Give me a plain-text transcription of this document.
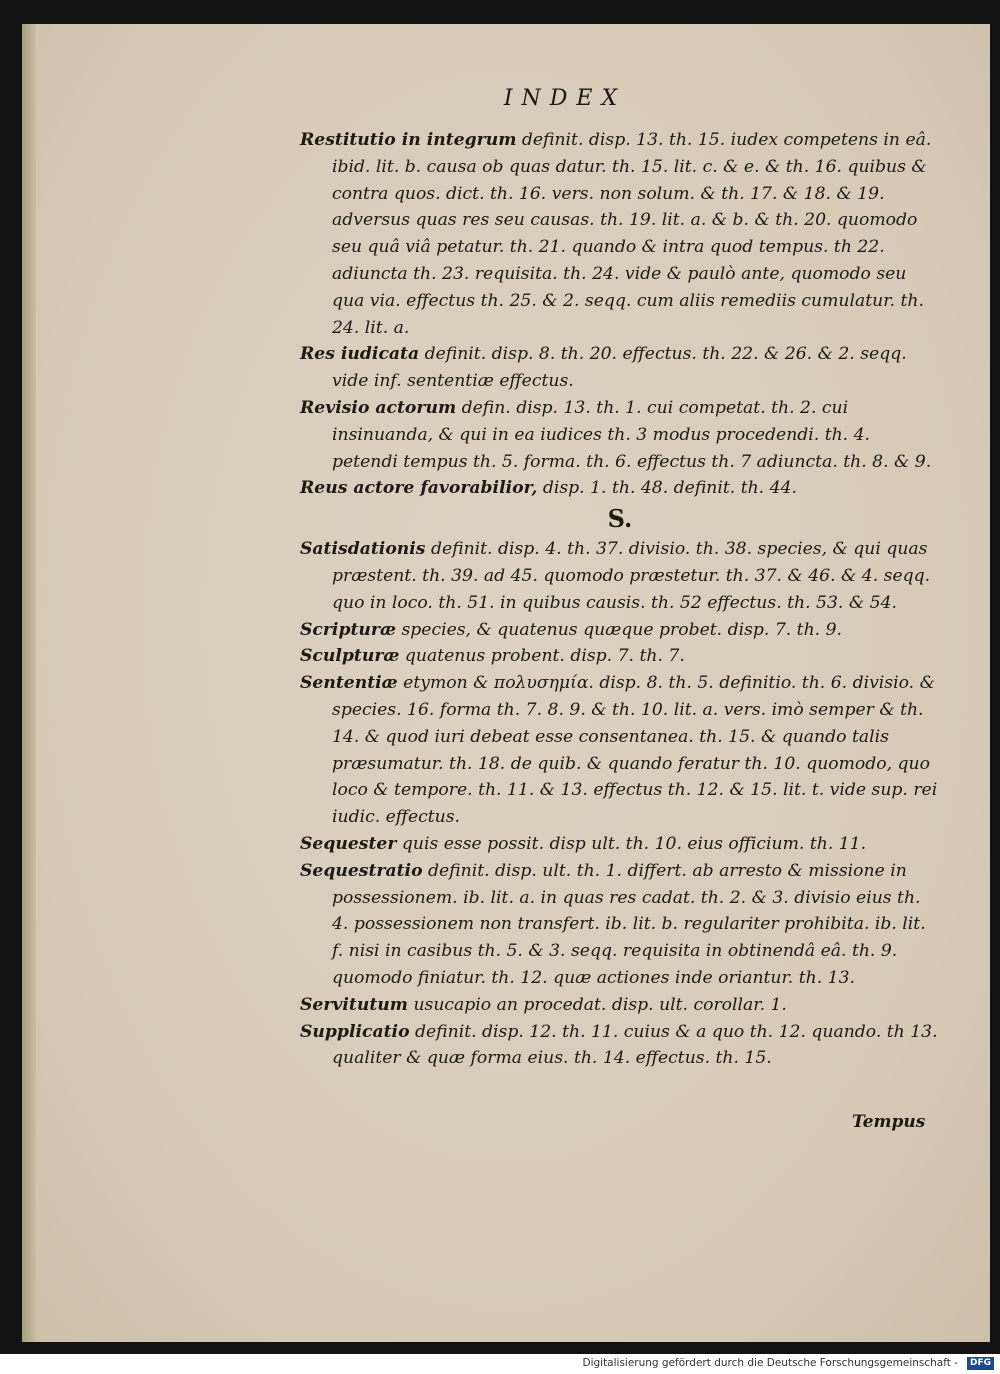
INDEX
Restitutio in integrum definit. disp. 13. th. 15. iudex competens in eâ. ibid. lit. b. causa ob quas datur. th. 15. lit. c. & e. & th. 16. quibus & contra quos. dict. th. 16. vers. non solum. & th. 17. & 18. & 19. adversus quas res seu causas. th. 19. lit. a. & b. & th. 20. quomodo seu quâ viâ petatur. th. 21. quando & intra quod tempus. th 22. adiuncta th. 23. requisita. th. 24. vide & paulò ante, quomodo seu qua via. effectus th. 25. & 2. seqq. cum aliis remediis cumulatur. th. 24. lit. a.
Res iudicata definit. disp. 8. th. 20. effectus. th. 22. & 26. & 2. seqq. vide inf. sententiæ effectus.
Revisio actorum defin. disp. 13. th. 1. cui competat. th. 2. cui insinuanda, & qui in ea iudices th. 3 modus procedendi. th. 4. petendi tempus th. 5. forma. th. 6. effectus th. 7 adiuncta. th. 8. & 9.
Reus actore favorabilior, disp. 1. th. 48. definit. th. 44.
S.
Satisdationis definit. disp. 4. th. 37. divisio. th. 38. species, & qui quas præstent. th. 39. ad 45. quomodo præstetur. th. 37. & 46. & 4. seqq. quo in loco. th. 51. in quibus causis. th. 52 effectus. th. 53. & 54.
Scripturæ species, & quatenus quæque probet. disp. 7. th. 9.
Sculpturæ quatenus probent. disp. 7. th. 7.
Sententiæ etymon & πολυσημία. disp. 8. th. 5. definitio. th. 6. divisio. & species. 16. forma th. 7. 8. 9. & th. 10. lit. a. vers. imò semper & th. 14. & quod iuri debeat esse consentanea. th. 15. & quando talis præsumatur. th. 18. de quib. & quando feratur th. 10. quomodo, quo loco & tempore. th. 11. & 13. effectus th. 12. & 15. lit. t. vide sup. rei iudic. effectus.
Sequester quis esse possit. disp ult. th. 10. eius officium. th. 11.
Sequestratio definit. disp. ult. th. 1. differt. ab arresto & missione in possessionem. ib. lit. a. in quas res cadat. th. 2. & 3. divisio eius th. 4. possessionem non transfert. ib. lit. b. regulariter prohibita. ib. lit. f. nisi in casibus th. 5. & 3. seqq. requisita in obtinendâ eâ. th. 9. quomodo finiatur. th. 12. quæ actiones inde oriantur. th. 13.
Servitutum usucapio an procedat. disp. ult. corollar. 1.
Supplicatio definit. disp. 12. th. 11. cuius & a quo th. 12. quando. th 13. qualiter & quæ forma eius. th. 14. effectus. th. 15.
Tempus
Digitalisierung gefördert durch die Deutsche Forschungsgemeinschaft -	DFG
